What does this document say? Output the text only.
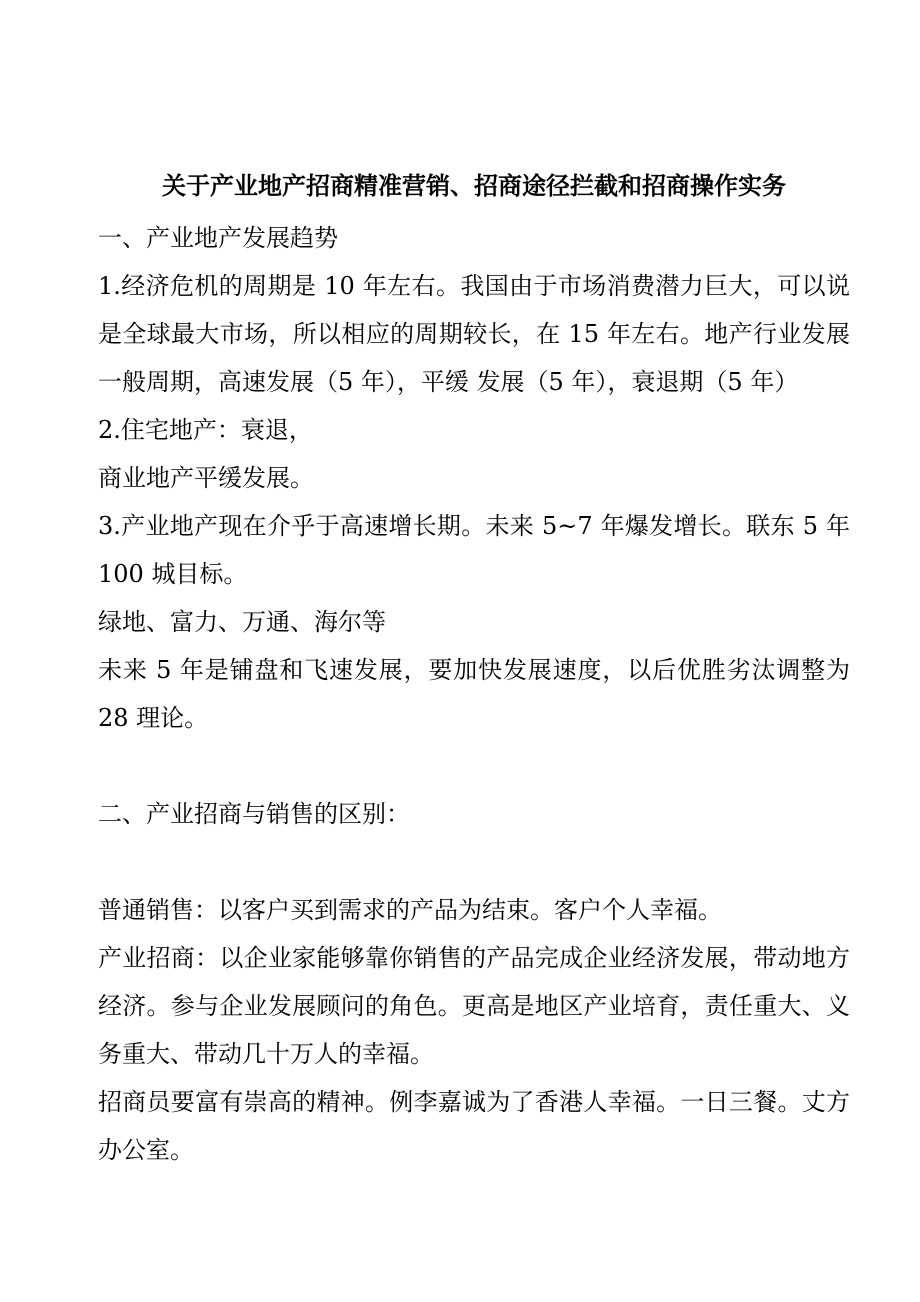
关于产业地产招商精准营销、招商途径拦截和招商操作实务

一、产业地产发展趋势

1.经济危机的周期是 10 年左右。我国由于市场消费潜力巨大，可以说是全球最大市场，所以相应的周期较长，在 15 年左右。地产行业发展一般周期，高速发展（5 年），平缓 发展（5 年），衰退期（5 年）

2.住宅地产：衰退，

商业地产平缓发展。

3.产业地产现在介乎于高速增长期。未来 5~7 年爆发增长。联东 5 年 100 城目标。

绿地、富力、万通、海尔等

未来 5 年是铺盘和飞速发展，要加快发展速度，以后优胜劣汰调整为 28 理论。

二、产业招商与销售的区别：

普通销售：以客户买到需求的产品为结束。客户个人幸福。

产业招商：以企业家能够靠你销售的产品完成企业经济发展，带动地方经济。参与企业发展顾问的角色。更高是地区产业培育，责任重大、义务重大、带动几十万人的幸福。

招商员要富有崇高的精神。例李嘉诚为了香港人幸福。一日三餐。丈方办公室。
